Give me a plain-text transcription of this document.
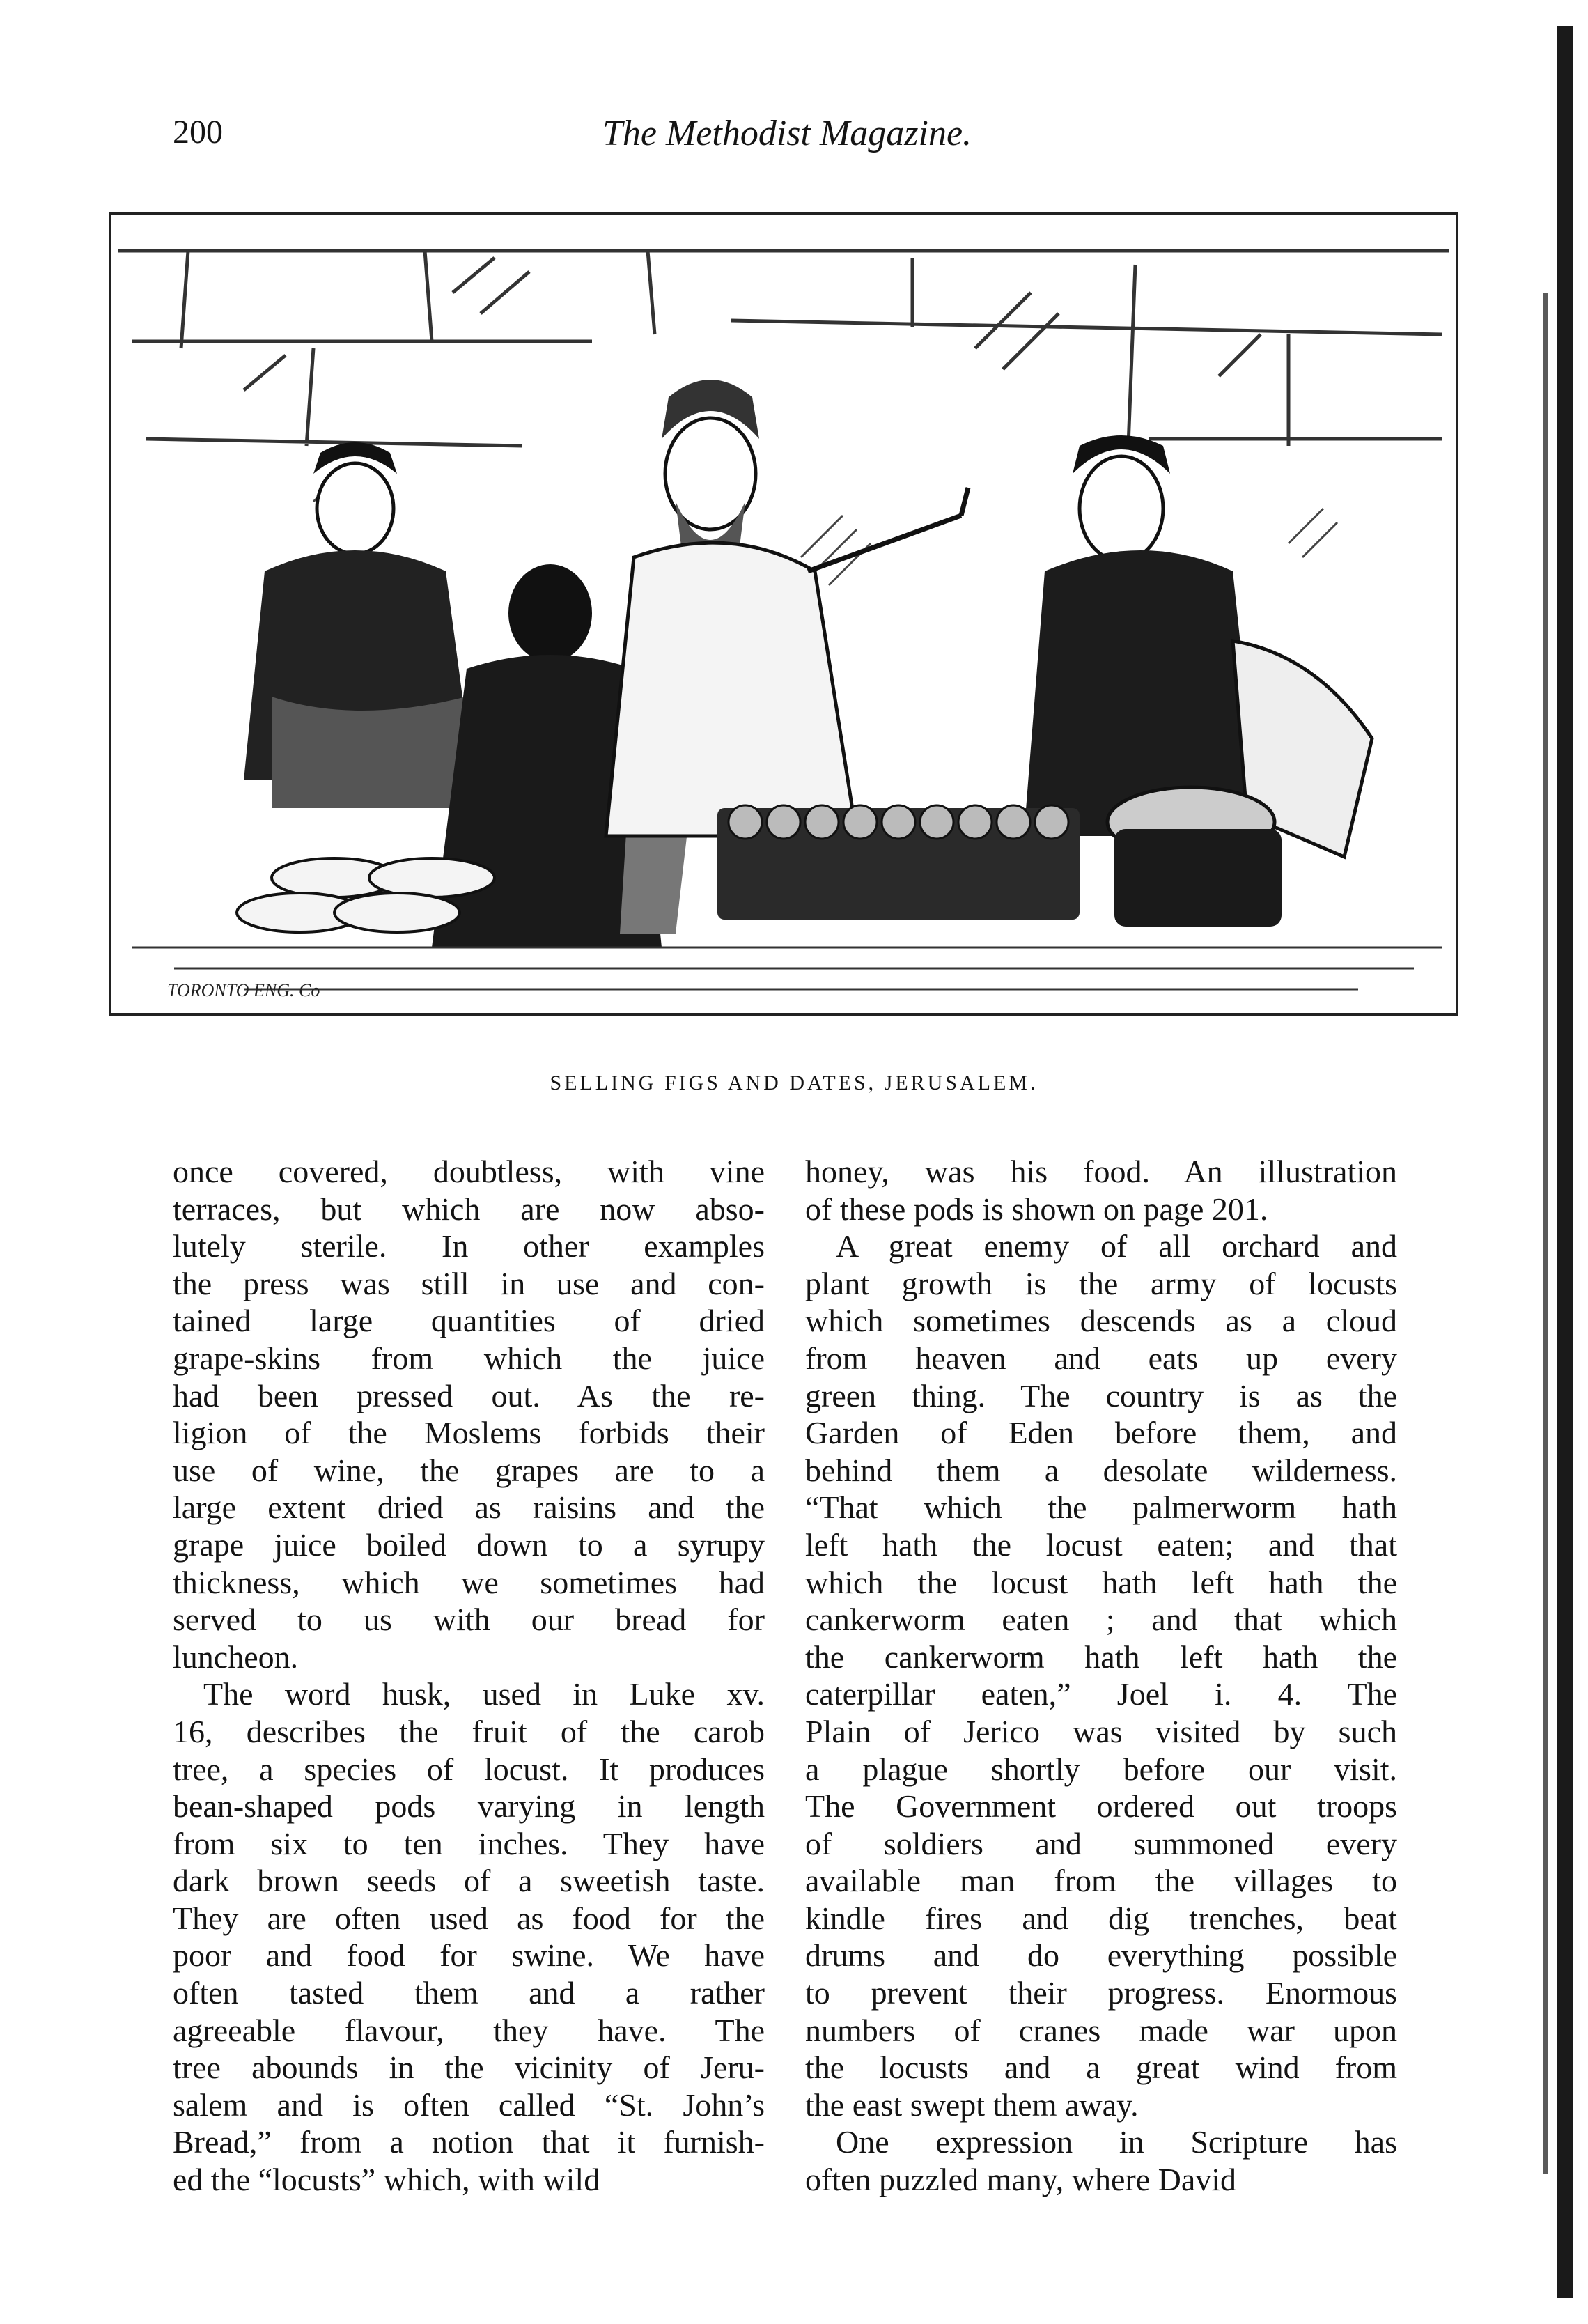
200	The Methodist Magazine.
TORONTO ENG. Co
SELLING FIGS AND DATES, JERUSALEM.
once covered, doubtless, with vine
terraces, but which are now abso-
lutely sterile. In other examples
the press was still in use and con-
tained large quantities of dried
grape-skins from which the juice
had been pressed out. As the re-
ligion of the Moslems forbids their
use of wine, the grapes are to a
large extent dried as raisins and the
grape juice boiled down to a syrupy
thickness, which we sometimes had
served to us with our bread for
luncheon.
The word husk, used in Luke xv.
16, describes the fruit of the carob
tree, a species of locust. It produces
bean-shaped pods varying in length
from six to ten inches. They have
dark brown seeds of a sweetish taste.
They are often used as food for the
poor and food for swine. We have
often tasted them and a rather
agreeable flavour, they have. The
tree abounds in the vicinity of Jeru-
salem and is often called “St. John’s
Bread,” from a notion that it furnish-
ed the “locusts” which, with wild
honey, was his food. An illustration
of these pods is shown on page 201.
A great enemy of all orchard and
plant growth is the army of locusts
which sometimes descends as a cloud
from heaven and eats up every
green thing. The country is as the
Garden of Eden before them, and
behind them a desolate wilderness.
“That which the palmerworm hath
left hath the locust eaten; and that
which the locust hath left hath the
cankerworm eaten ; and that which
the cankerworm hath left hath the
caterpillar eaten,” Joel i. 4. The
Plain of Jerico was visited by such
a plague shortly before our visit.
The Government ordered out troops
of soldiers and summoned every
available man from the villages to
kindle fires and dig trenches, beat
drums and do everything possible
to prevent their progress. Enormous
numbers of cranes made war upon
the locusts and a great wind from
the east swept them away.
One expression in Scripture has
often puzzled many, where David
